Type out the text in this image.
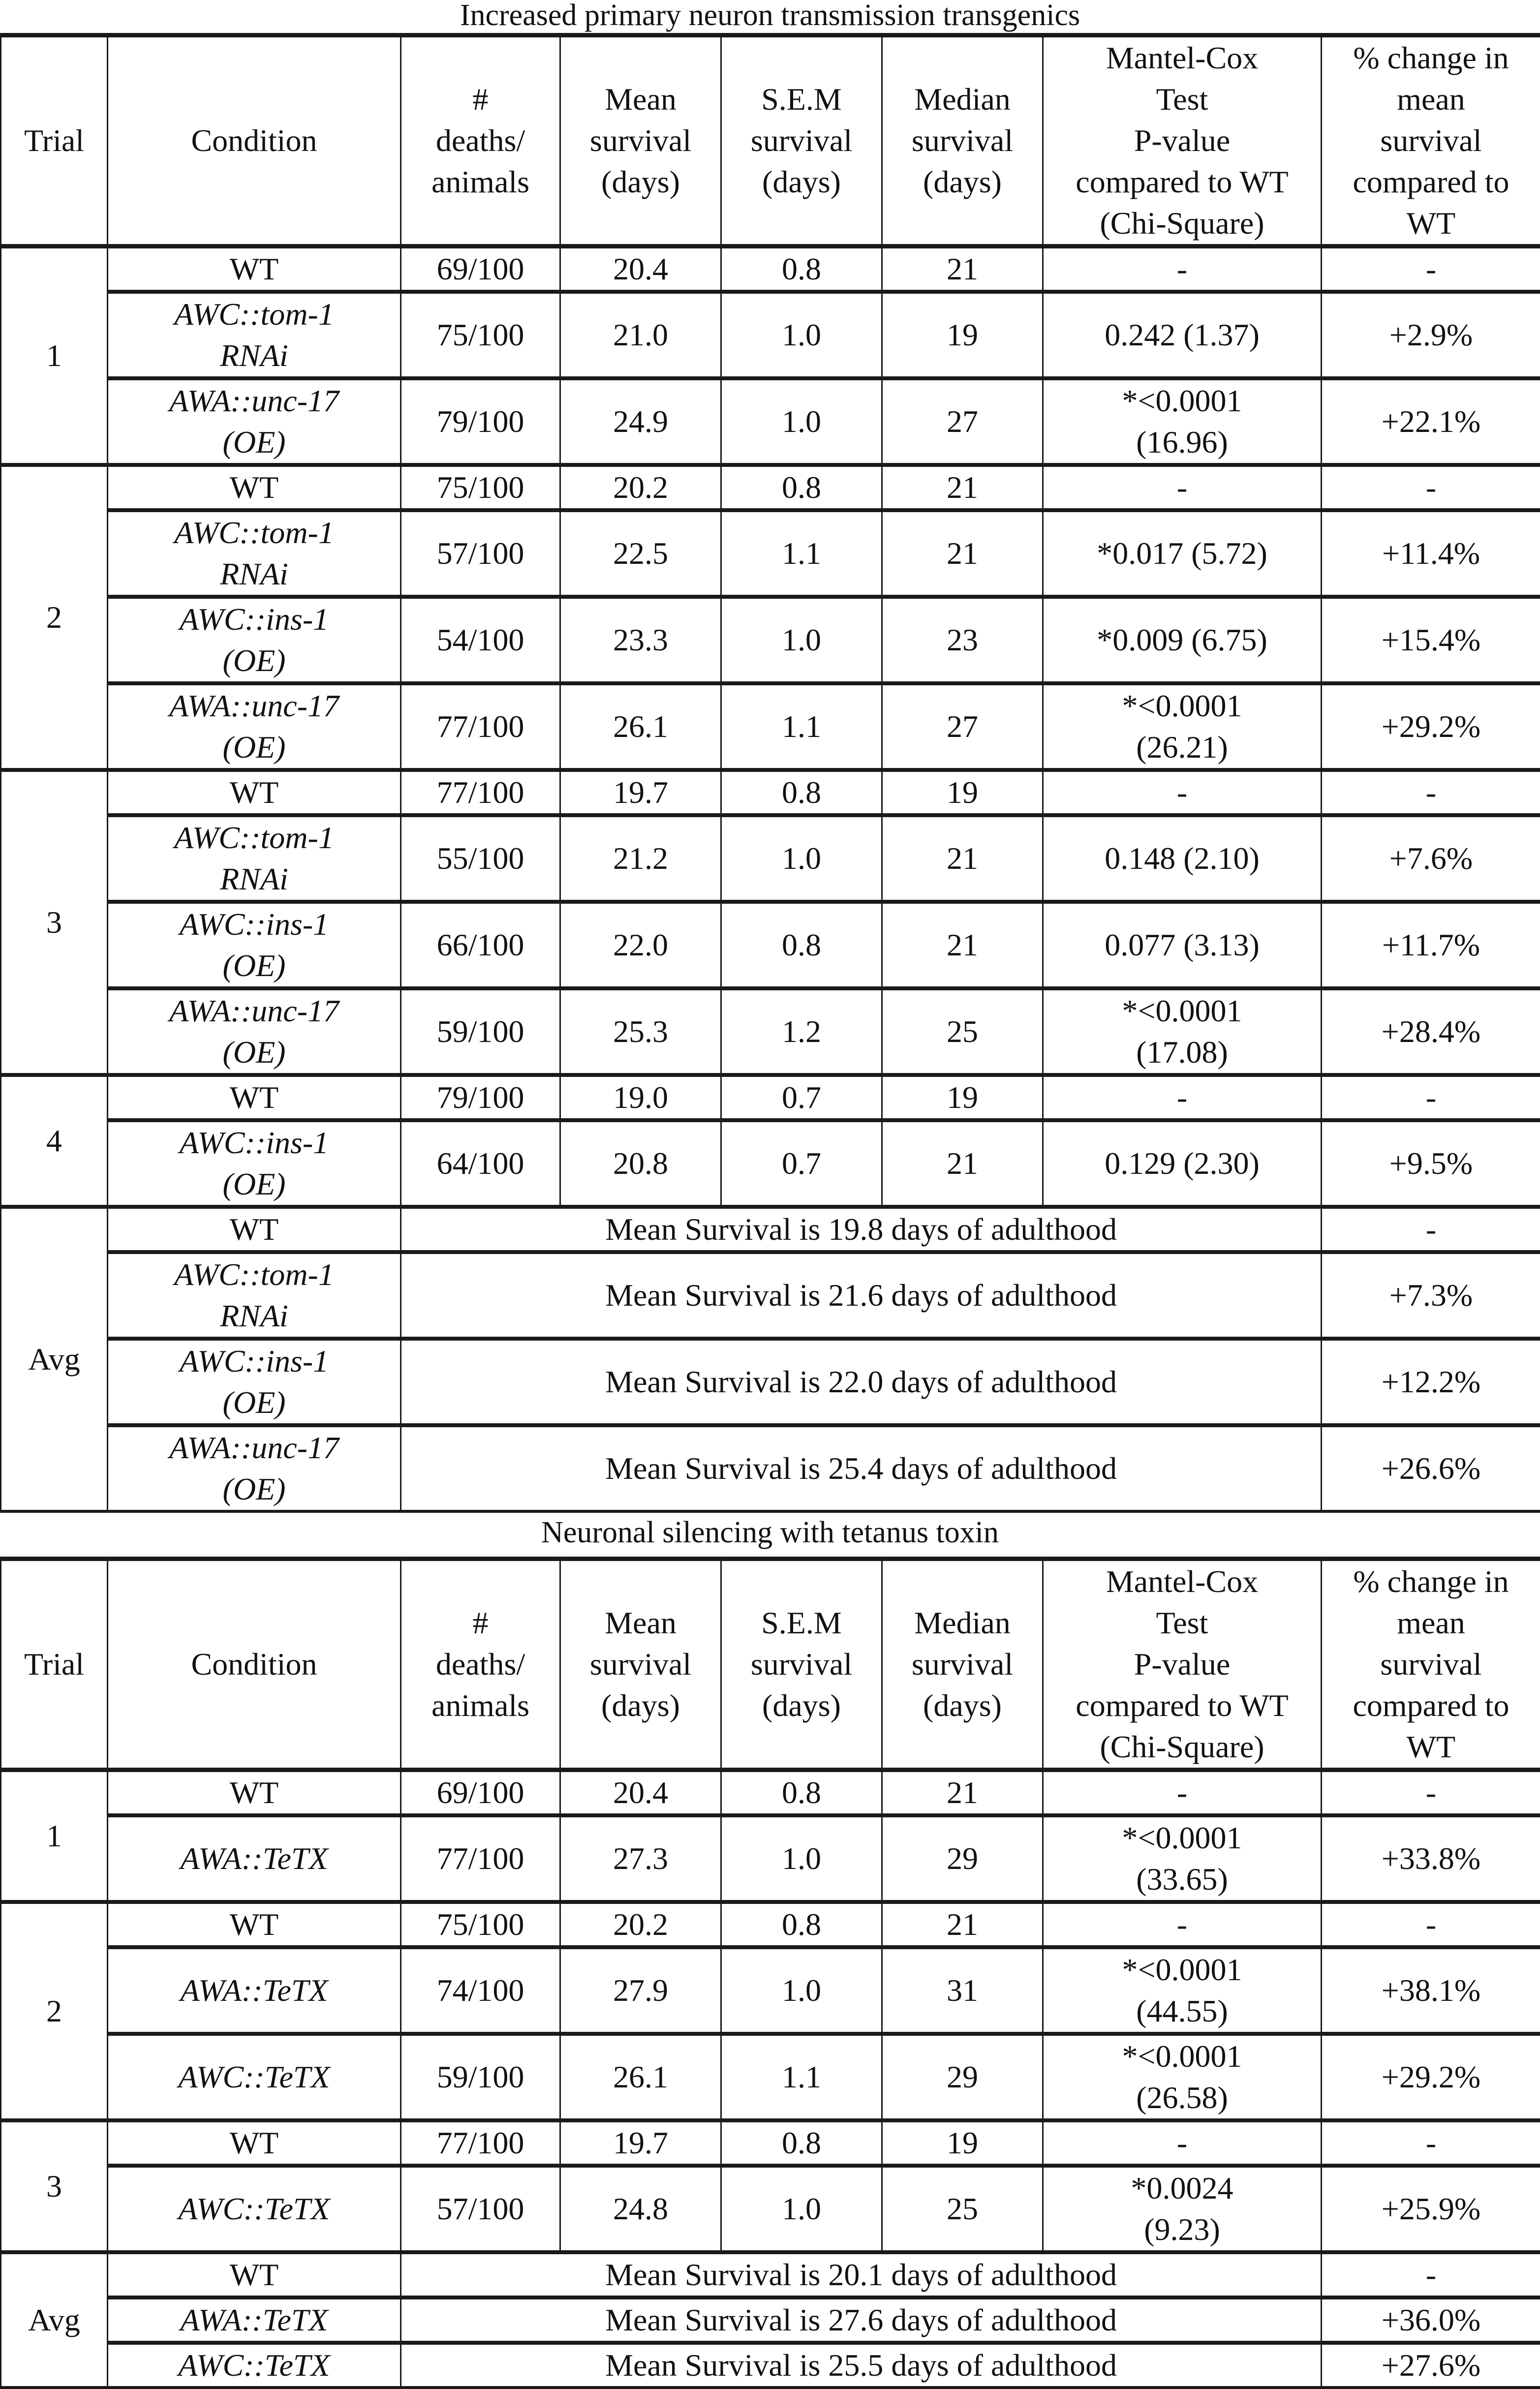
Increased primary neuron transmission transgenics
Trial	Condition	#
deaths/
animals	Mean
survival
(days)	S.E.M
survival
(days)	Median
survival
(days)	Mantel-Cox
Test
P-value
compared to WT
(Chi-Square)	% change in
mean
survival
compared to
WT

1	WT	69/100	20.4	0.8	21	-	-

	AWC::tom-1
RNAi	75/100	21.0	1.0	19	0.242 (1.37)	+2.9%

	AWA::unc-17
(OE)	79/100	24.9	1.0	27	*<0.0001
(16.96)	+22.1%
2	WT	75/100	20.2	0.8	21	-	-

	AWC::tom-1
RNAi	57/100	22.5	1.1	21	*0.017 (5.72)	+11.4%

	AWC::ins-1
(OE)	54/100	23.3	1.0	23	*0.009 (6.75)	+15.4%

	AWA::unc-17
(OE)	77/100	26.1	1.1	27	*<0.0001
(26.21)	+29.2%
3	WT	77/100	19.7	0.8	19	-	-

	AWC::tom-1
RNAi	55/100	21.2	1.0	21	0.148 (2.10)	+7.6%

	AWC::ins-1
(OE)	66/100	22.0	0.8	21	0.077 (3.13)	+11.7%

	AWA::unc-17
(OE)	59/100	25.3	1.2	25	*<0.0001
(17.08)	+28.4%
4	WT	79/100	19.0	0.7	19	-	-

	AWC::ins-1
(OE)	64/100	20.8	0.7	21	0.129 (2.30)	+9.5%
Avg	WT	Mean Survival is 19.8 days of adulthood					-

	AWC::tom-1
RNAi	Mean Survival is 21.6 days of adulthood					+7.3%

	AWC::ins-1
(OE)	Mean Survival is 22.0 days of adulthood					+12.2%

	AWA::unc-17
(OE)	Mean Survival is 25.4 days of adulthood					+26.6%
Neuronal silencing with tetanus toxin
Trial	Condition	#
deaths/
animals	Mean
survival
(days)	S.E.M
survival
(days)	Median
survival
(days)	Mantel-Cox
Test
P-value
compared to WT
(Chi-Square)	% change in
mean
survival
compared to
WT

1	WT	69/100	20.4	0.8	21	-	-

	AWA::TeTX	77/100	27.3	1.0	29	*<0.0001
(33.65)	+33.8%
2	WT	75/100	20.2	0.8	21	-	-

	AWA::TeTX	74/100	27.9	1.0	31	*<0.0001
(44.55)	+38.1%

	AWC::TeTX	59/100	26.1	1.1	29	*<0.0001
(26.58)	+29.2%
3	WT	77/100	19.7	0.8	19	-	-

	AWC::TeTX	57/100	24.8	1.0	25	*0.0024
(9.23)	+25.9%
Avg	WT	Mean Survival is 20.1 days of adulthood					-

	AWA::TeTX	Mean Survival is 27.6 days of adulthood					+36.0%

	AWC::TeTX	Mean Survival is 25.5 days of adulthood					+27.6%
